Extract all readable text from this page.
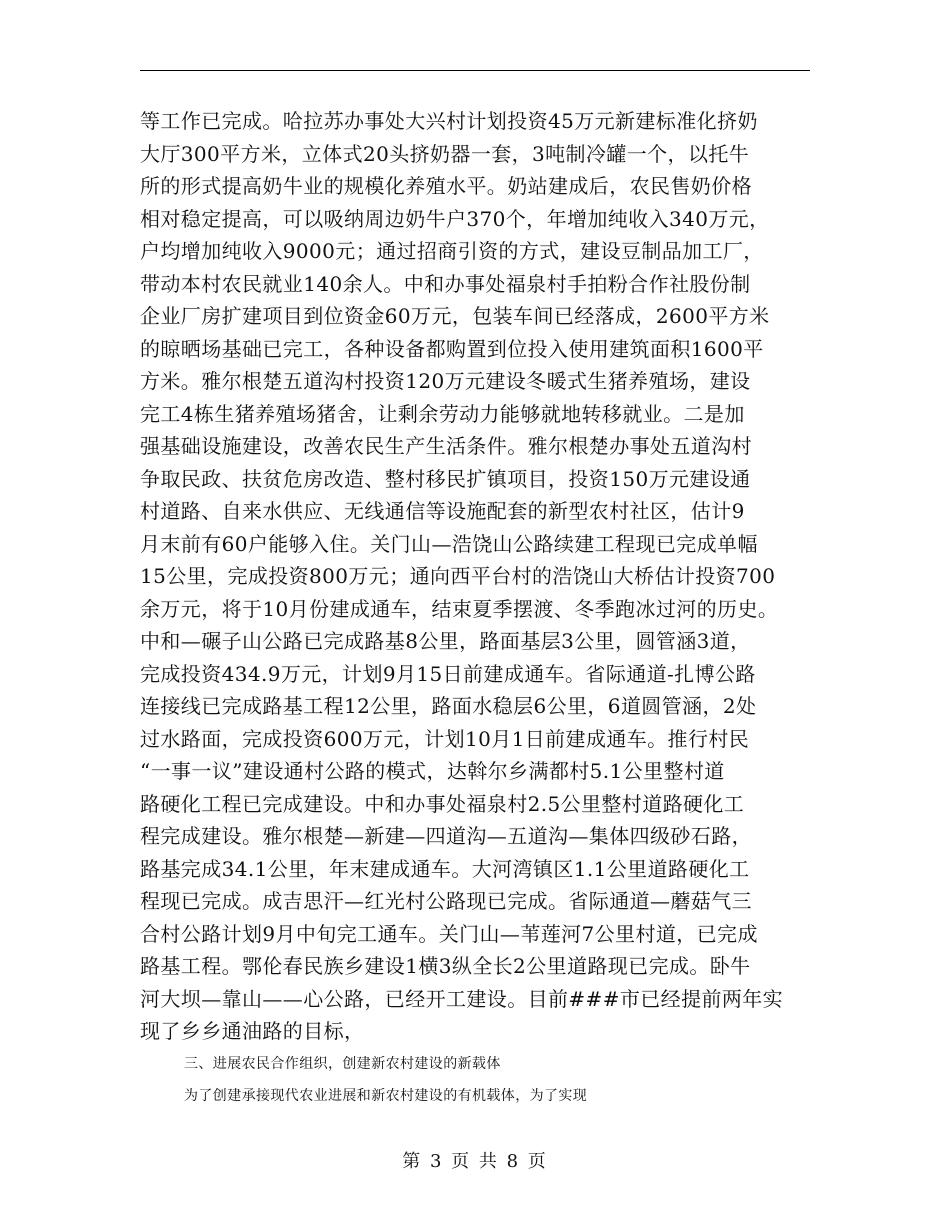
等工作已完成。哈拉苏办事处大兴村计划投资45万元新建标准化挤奶
大厅300平方米，立体式20头挤奶器一套，3吨制冷罐一个，以托牛
所的形式提高奶牛业的规模化养殖水平。奶站建成后，农民售奶价格
相对稳定提高，可以吸纳周边奶牛户370个，年增加纯收入340万元，
户均增加纯收入9000元；通过招商引资的方式，建设豆制品加工厂，
带动本村农民就业140余人。中和办事处福泉村手拍粉合作社股份制
企业厂房扩建项目到位资金60万元，包装车间已经落成，2600平方米
的晾晒场基础已完工，各种设备都购置到位投入使用建筑面积1600平
方米。雅尔根楚五道沟村投资120万元建设冬暖式生猪养殖场，建设
完工4栋生猪养殖场猪舍，让剩余劳动力能够就地转移就业。二是加
强基础设施建设，改善农民生产生活条件。雅尔根楚办事处五道沟村
争取民政、扶贫危房改造、整村移民扩镇项目，投资150万元建设通
村道路、自来水供应、无线通信等设施配套的新型农村社区，估计9
月末前有60户能够入住。关门山—浩饶山公路续建工程现已完成单幅
15公里，完成投资800万元；通向西平台村的浩饶山大桥估计投资700
余万元，将于10月份建成通车，结束夏季摆渡、冬季跑冰过河的历史。
中和—碾子山公路已完成路基8公里，路面基层3公里，圆管涵3道，
完成投资434.9万元，计划9月15日前建成通车。省际通道-扎博公路
连接线已完成路基工程12公里，路面水稳层6公里，6道圆管涵，2处
过水路面，完成投资600万元，计划10月1日前建成通车。推行村民
“一事一议”建设通村公路的模式，达斡尔乡满都村5.1公里整村道
路硬化工程已完成建设。中和办事处福泉村2.5公里整村道路硬化工
程完成建设。雅尔根楚—新建—四道沟—五道沟—集体四级砂石路，
路基完成34.1公里，年末建成通车。大河湾镇区1.1公里道路硬化工
程现已完成。成吉思汗—红光村公路现已完成。省际通道—蘑菇气三
合村公路计划9月中旬完工通车。关门山—苇莲河7公里村道，已完成
路基工程。鄂伦春民族乡建设1横3纵全长2公里道路现已完成。卧牛
河大坝—靠山——心公路，已经开工建设。目前###市已经提前两年实
现了乡乡通油路的目标，
三、进展农民合作组织，创建新农村建设的新载体
为了创建承接现代农业进展和新农村建设的有机载体，为了实现
第 3 页 共 8 页
